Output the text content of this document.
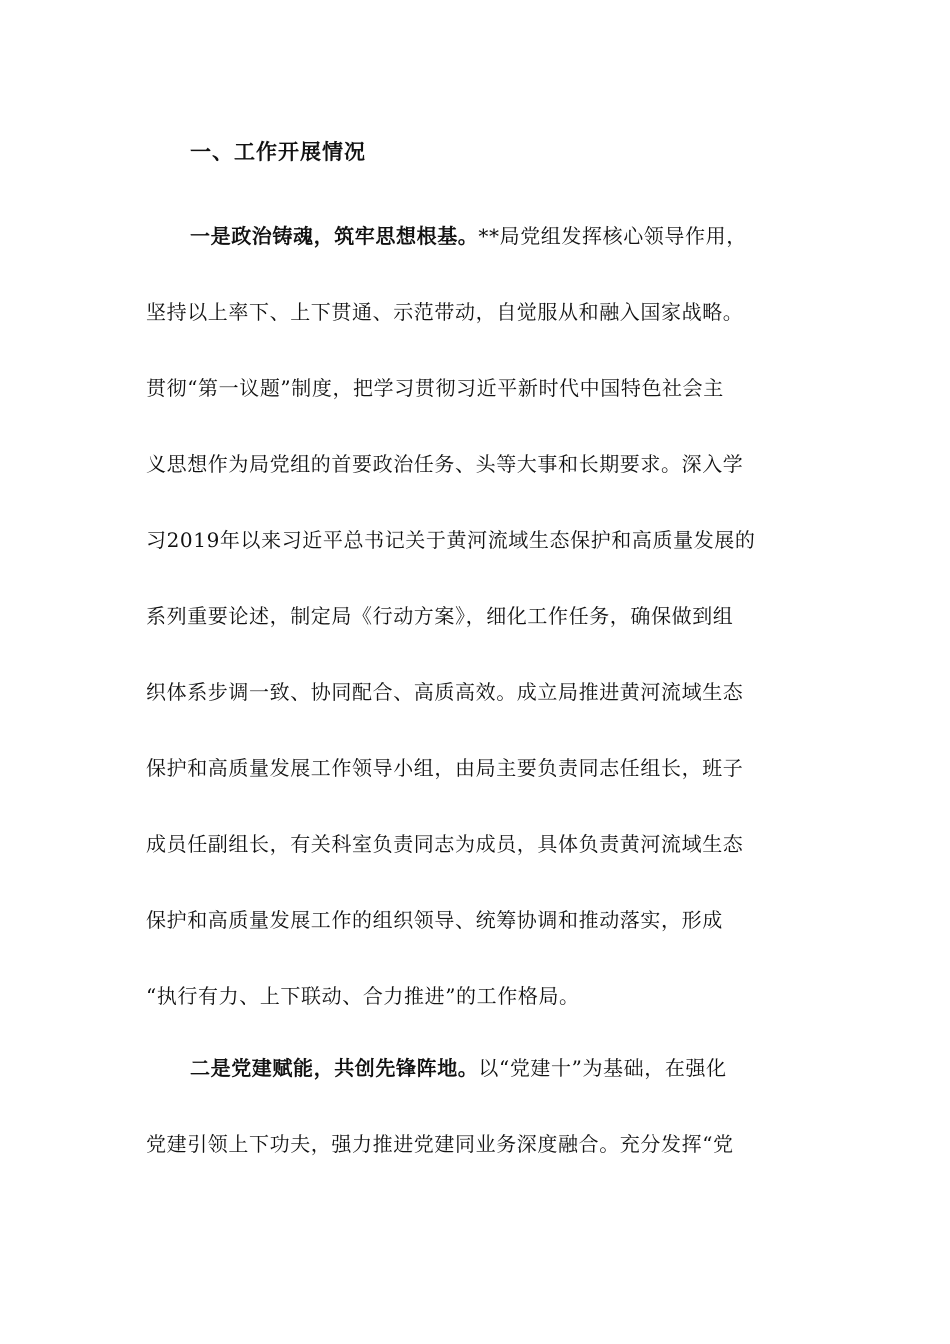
一、工作开展情况
一是政治铸魂，筑牢思想根基。**局党组发挥核心领导作用，
坚持以上率下、上下贯通、示范带动，自觉服从和融入国家战略。
贯彻“第一议题”制度，把学习贯彻习近平新时代中国特色社会主
义思想作为局党组的首要政治任务、头等大事和长期要求。深入学
习2019年以来习近平总书记关于黄河流域生态保护和高质量发展的
系列重要论述，制定局《行动方案》，细化工作任务，确保做到组
织体系步调一致、协同配合、高质高效。成立局推进黄河流域生态
保护和高质量发展工作领导小组，由局主要负责同志任组长，班子
成员任副组长，有关科室负责同志为成员，具体负责黄河流域生态
保护和高质量发展工作的组织领导、统筹协调和推动落实，形成
“执行有力、上下联动、合力推进”的工作格局。
二是党建赋能，共创先锋阵地。以“党建十”为基础，在强化
党建引领上下功夫，强力推进党建同业务深度融合。充分发挥“党
